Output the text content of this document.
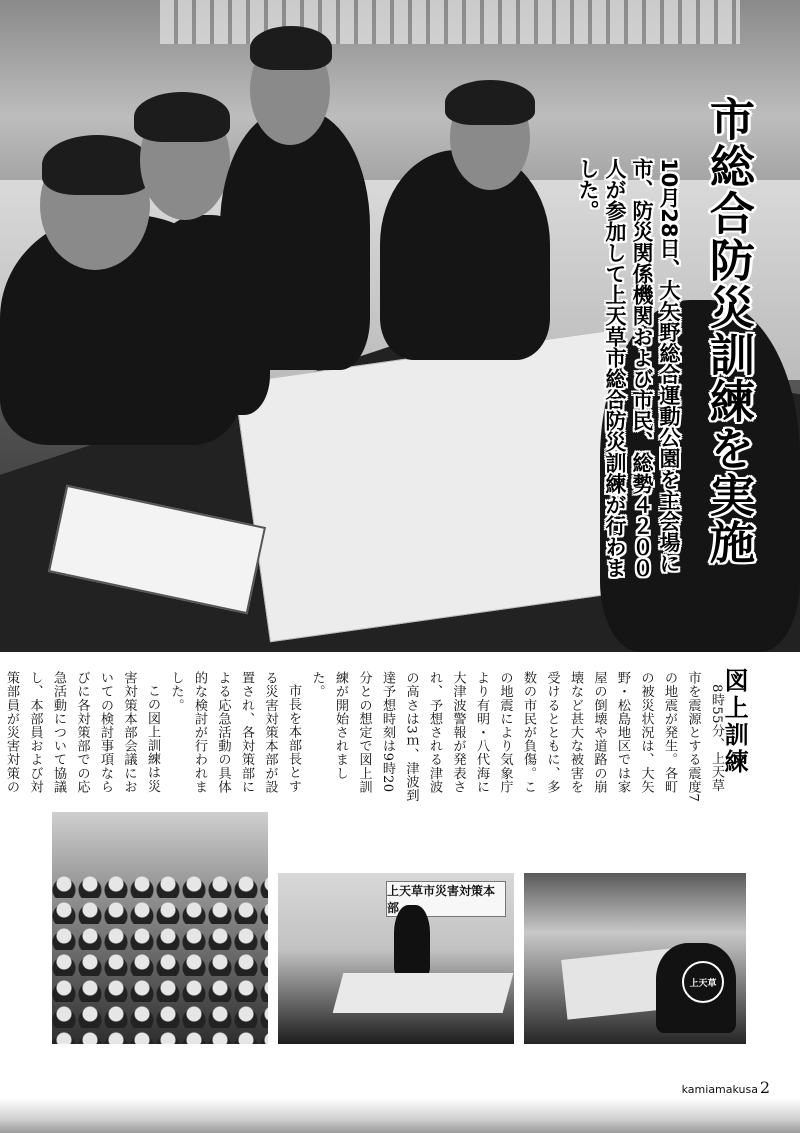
市総合防災訓練を実施
10月28日、大矢野総合運動公園を主会場に市、防災関係機関および市民、総勢４２００人が参加して上天草市総合防災訓練が行わました。
図上訓練

8時55分、上天草市を震源とする震度7の地震が発生。各町の被災状況は、大矢野・松島地区では家屋の倒壊や道路の崩壊など甚大な被害を受けるとともに、多数の市民が負傷。この地震により気象庁より有明・八代海に大津波警報が発表され、予想される津波の高さは3ｍ、津波到達予想時刻は9時20分との想定で図上訓練が開始されました。

市長を本部長とする災害対策本部が設置され、各対策部による応急活動の具体的な検討が行われました。

この図上訓練は災害対策本部会議においての検討事項ならびに各対策部での応急活動について協議し、本部員および対策部員が災害対策の

上天草市災害対策本部
上天草
kamiamakusa 2
